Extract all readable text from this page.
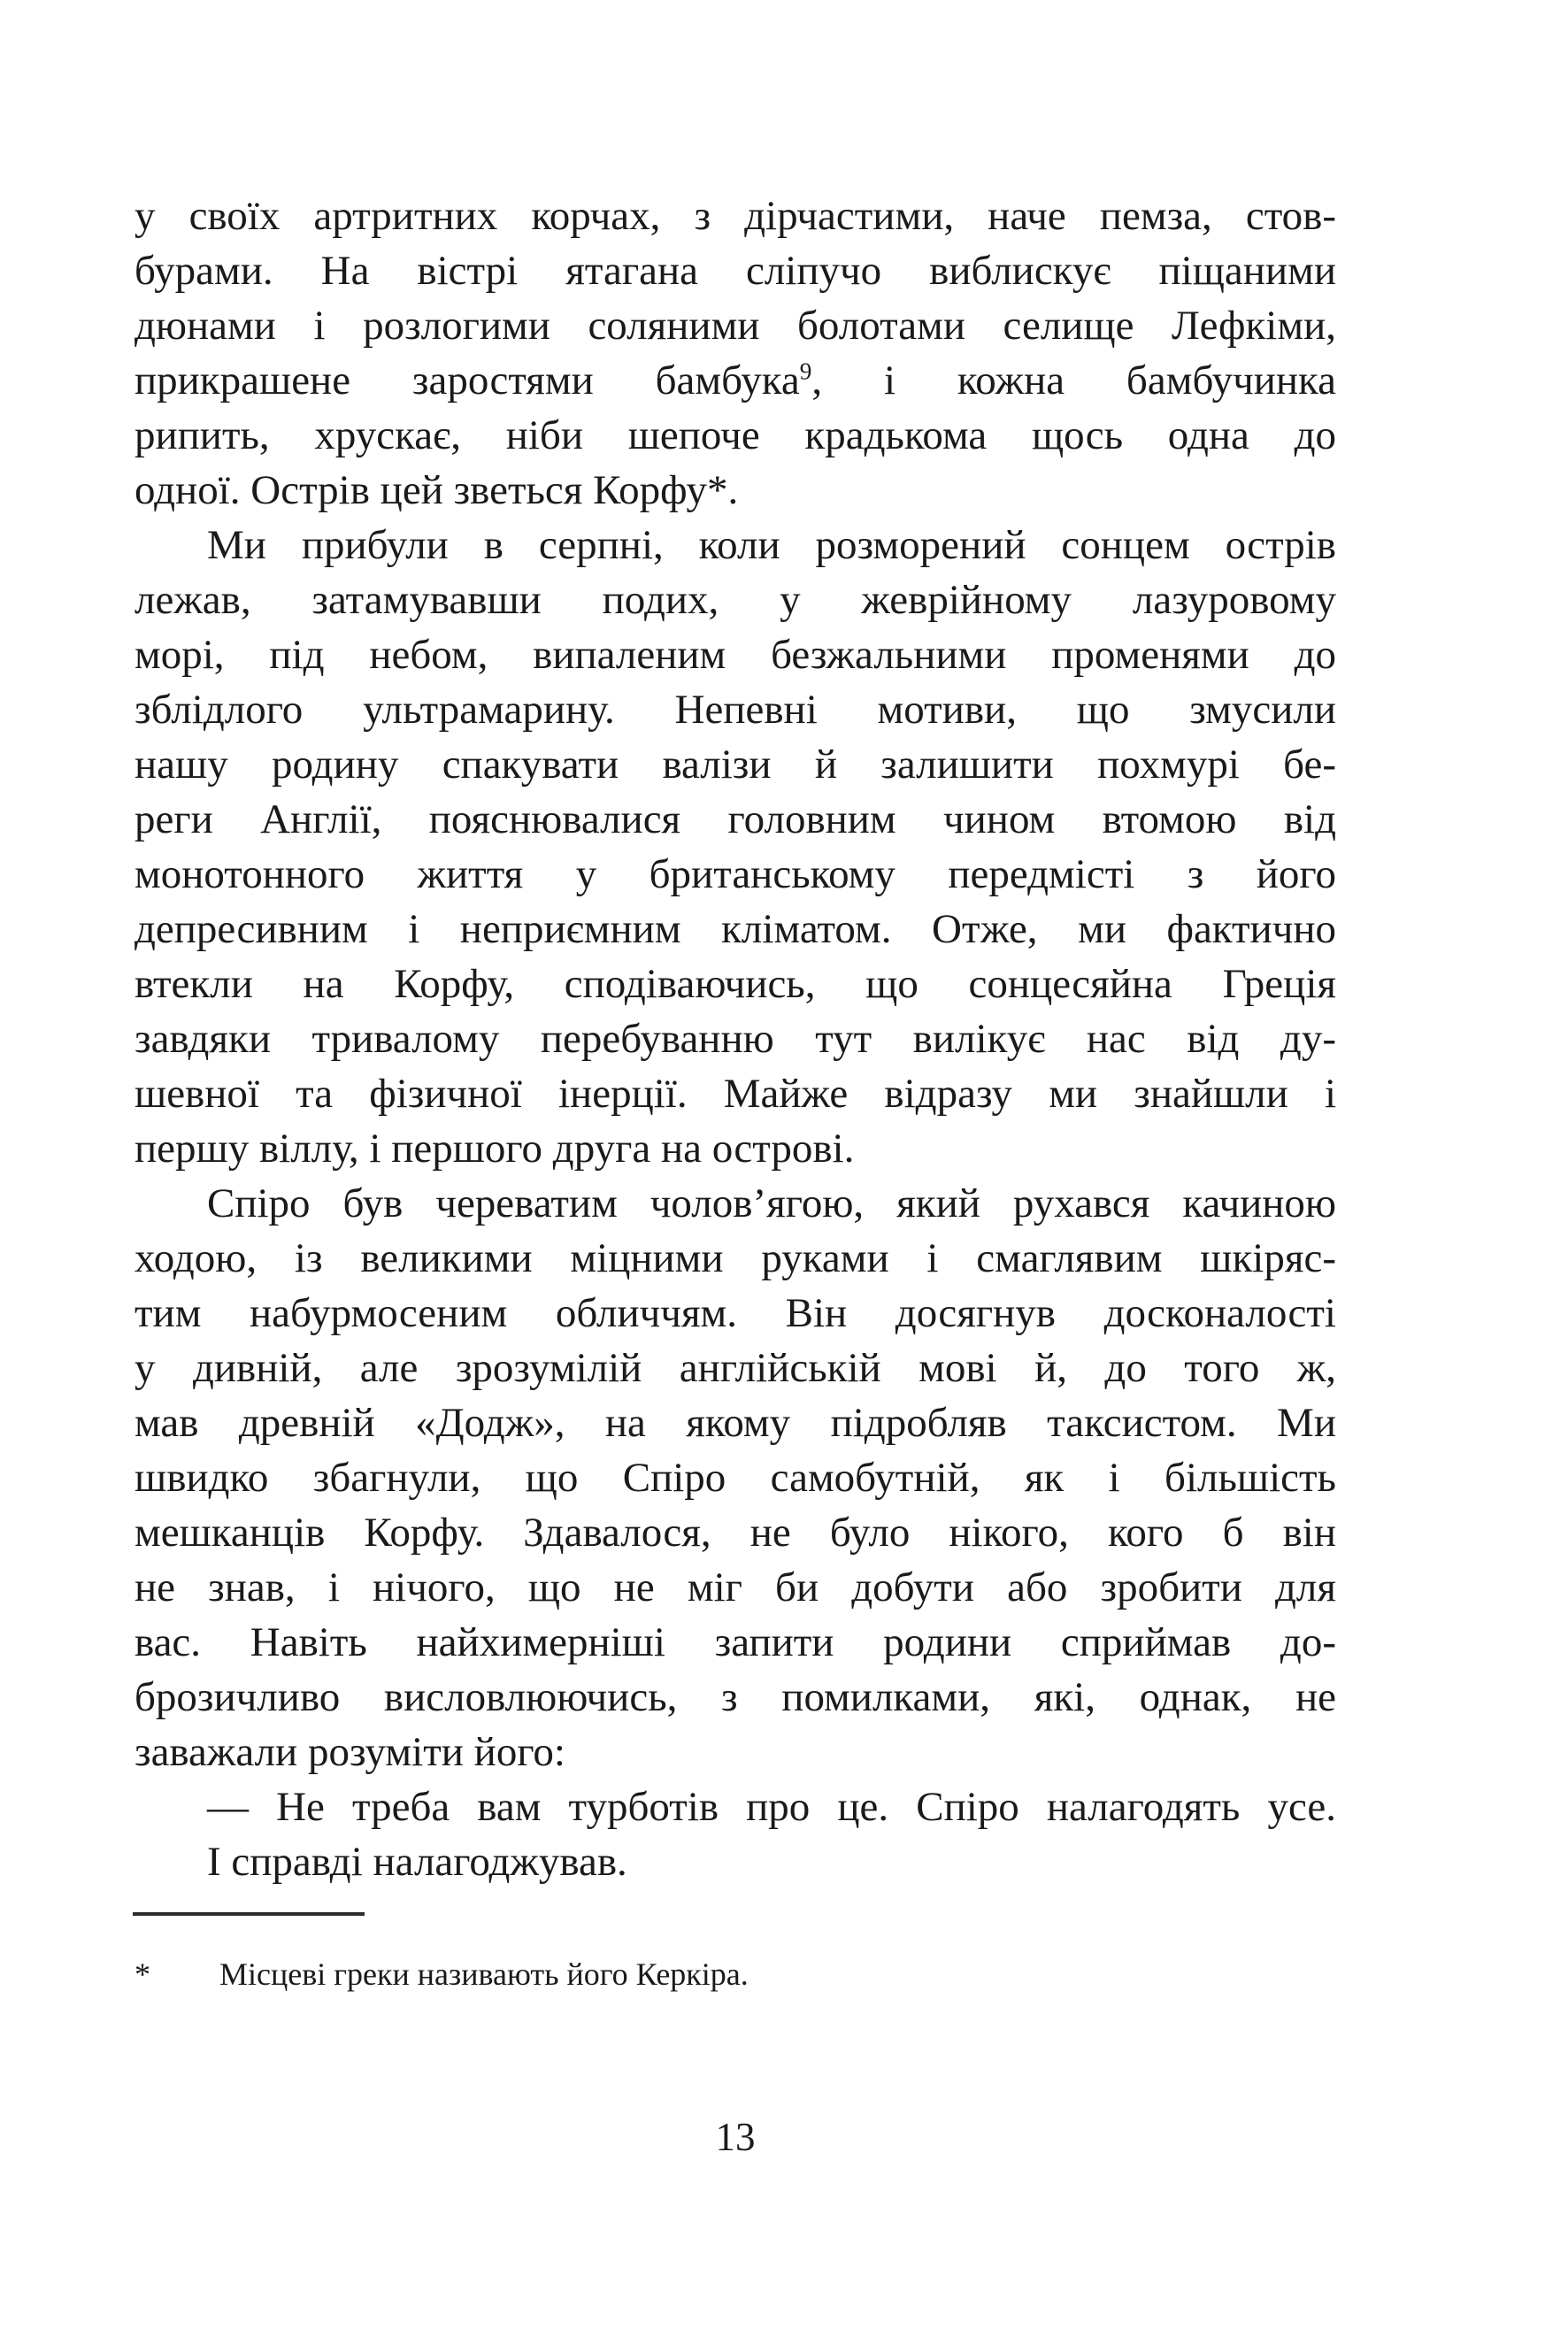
у своїх артритних корчах, з дірчастими, наче пемза, стов-
бурами. На вістрі ятагана сліпучо виблискує піщаними
дюнами і розлогими соляними болотами селище Лефкіми,
прикрашене заростями бамбука$^9$, і кожна бамбучинка
рипить, хрускає, ніби шепоче крадькома щось одна до
одної. Острів цей зветься Корфу*.
Ми прибули в серпні, коли розморений сонцем острів
лежав, затамувавши подих, у жеврійному лазуровому
морі, під небом, випаленим безжальними променями до
зблідлого ультрамарину. Непевні мотиви, що змусили
нашу родину спакувати валізи й залишити похмурі бе-
реги Англії, пояснювалися головним чином втомою від
монотонного життя у британському передмісті з його
депресивним і неприємним кліматом. Отже, ми фактично
втекли на Корфу, сподіваючись, що сонцесяйна Греція
завдяки тривалому перебуванню тут вилікує нас від ду-
шевної та фізичної інерції. Майже відразу ми знайшли і
першу віллу, і першого друга на острові.
Спіро був череватим чолов’ягою, який рухався качиною
ходою, із великими міцними руками і смаглявим шкіряс-
тим набурмосеним обличчям. Він досягнув досконалості
у дивній, але зрозумілій англійській мові й, до того ж,
мав древній «Додж», на якому підробляв таксистом. Ми
швидко збагнули, що Спіро самобутній, як і більшість
мешканців Корфу. Здавалося, не було нікого, кого б він
не знав, і нічого, що не міг би добути або зробити для
вас. Навіть найхимерніші запити родини сприймав до-
брозичливо висловлюючись, з помилками, які, однак, не
заважали розуміти його:
— Не треба вам турботів про це. Спіро налагодять усе.
І справді налагоджував.
*	Місцеві греки називають його Керкіра.
13
